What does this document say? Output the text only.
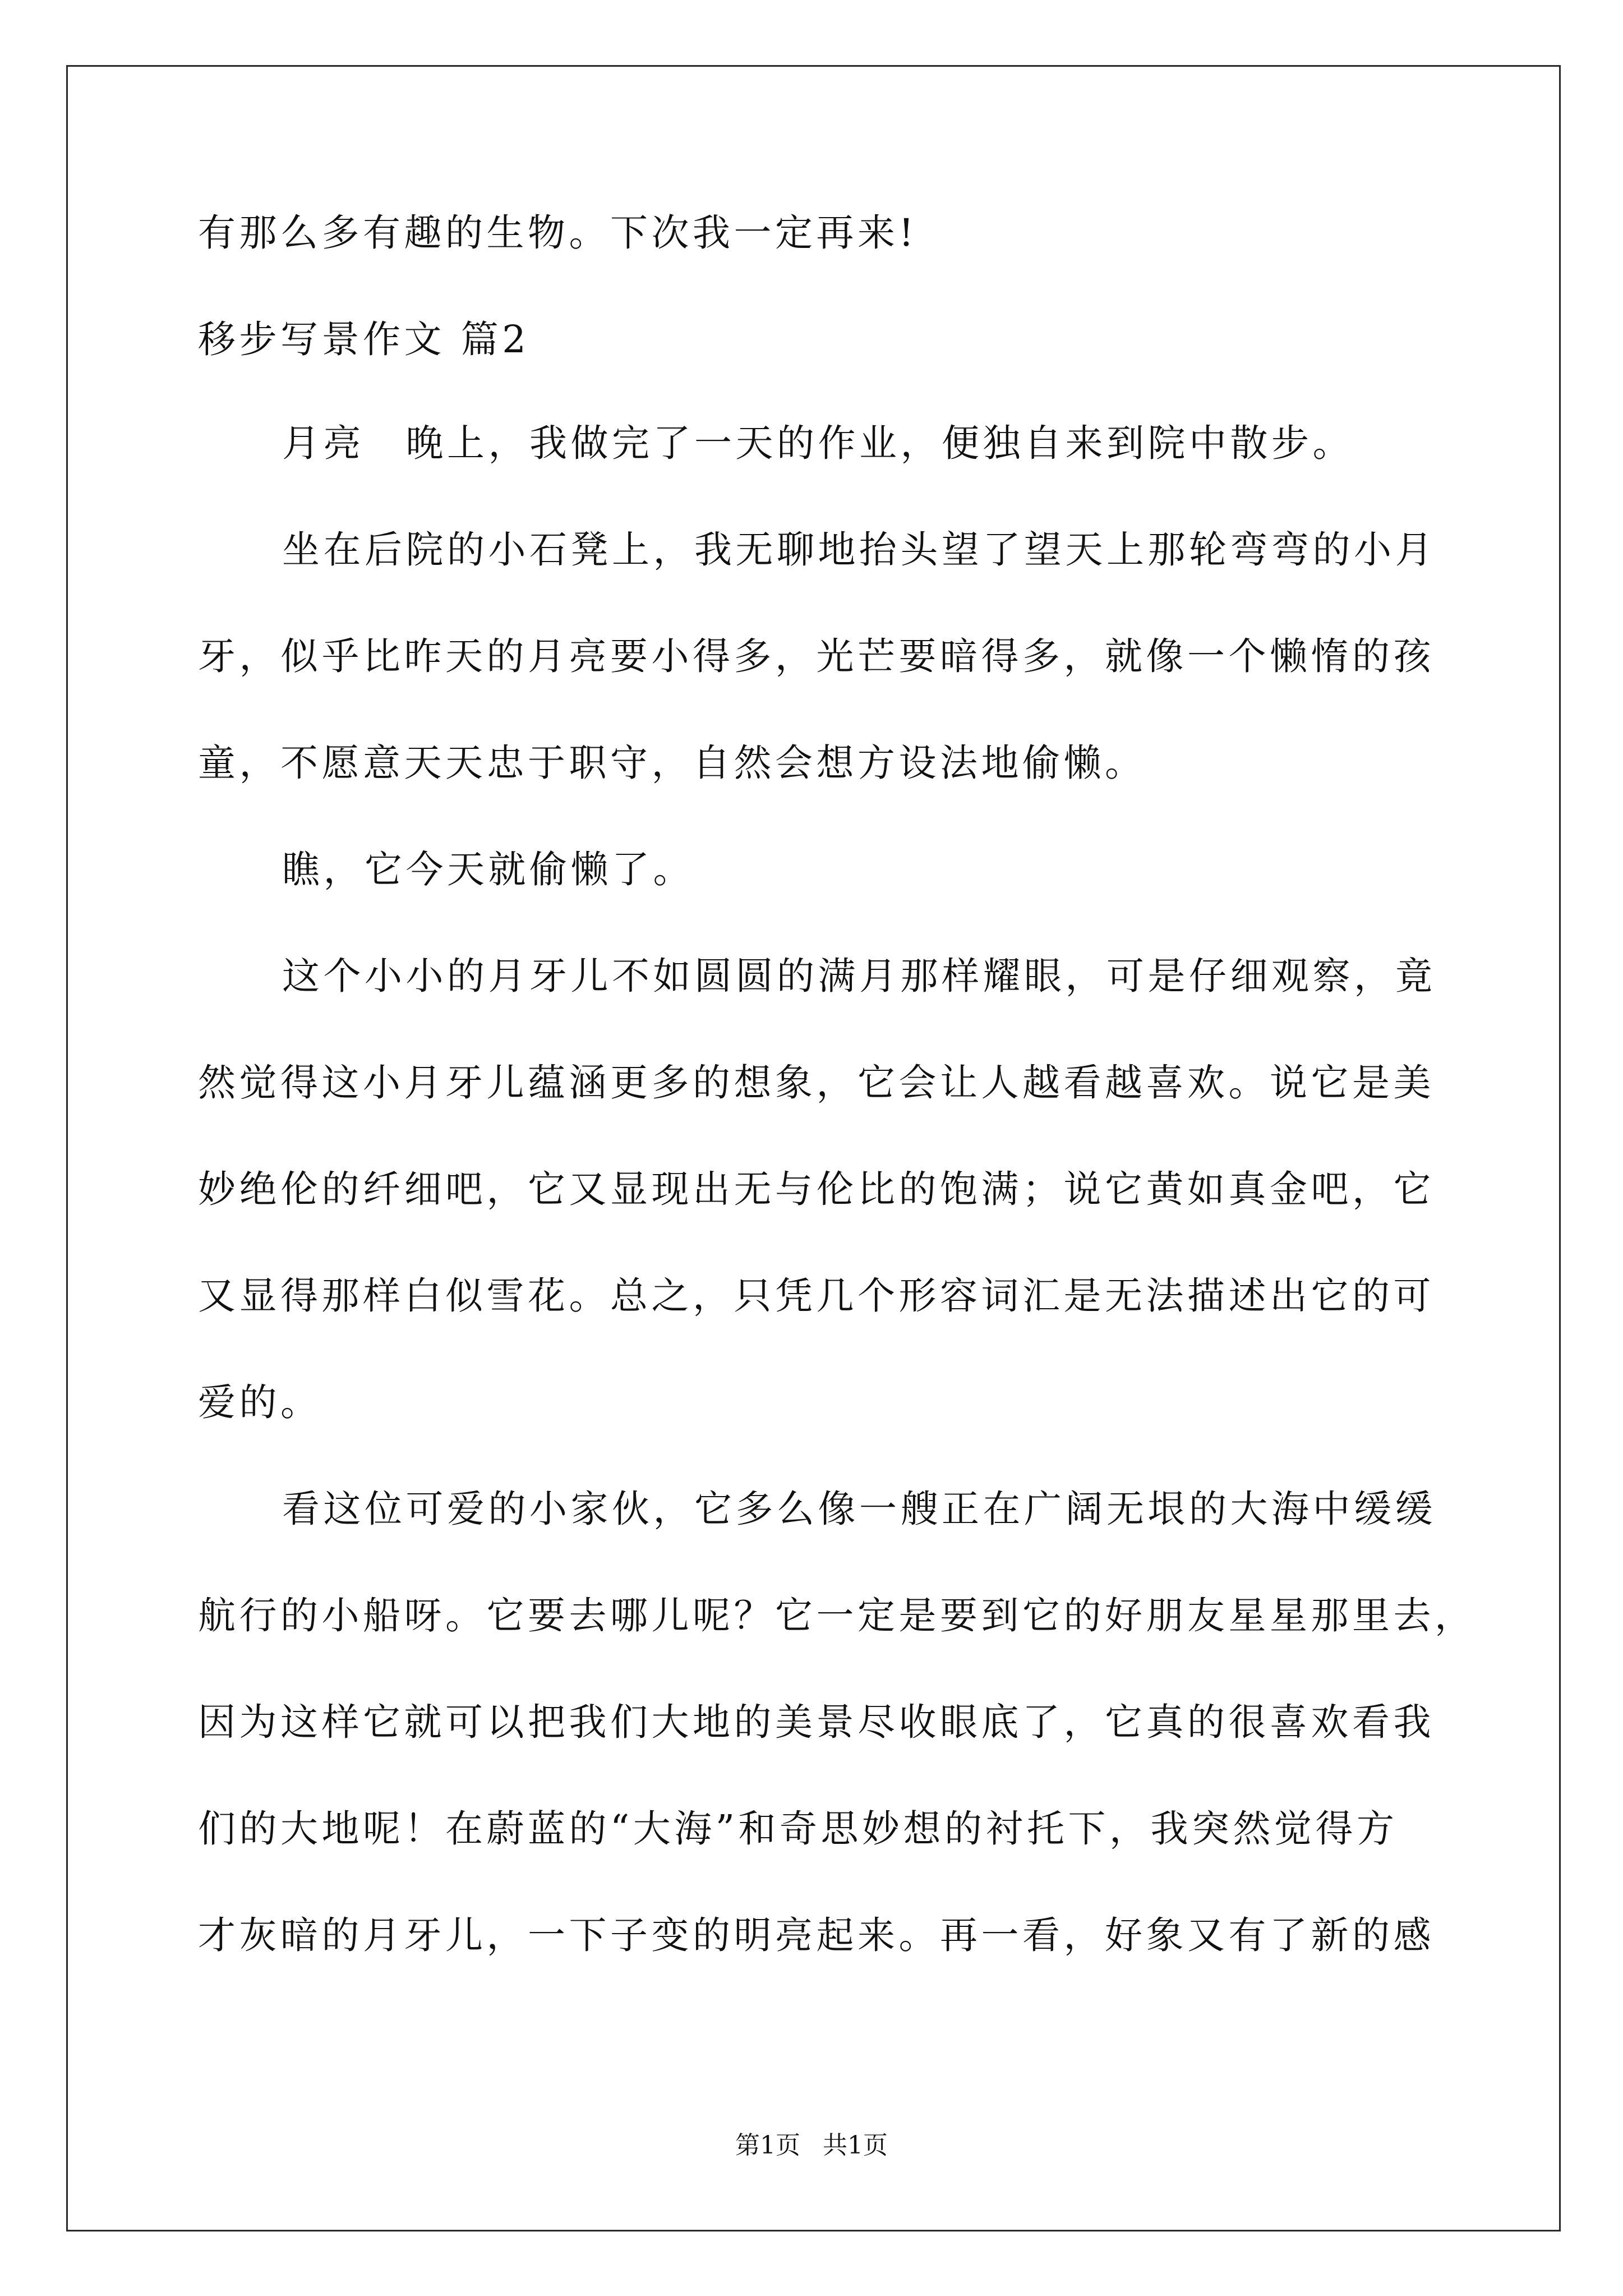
有那么多有趣的生物。下次我一定再来!
移步写景作文 篇2
月亮　晚上，我做完了一天的作业，便独自来到院中散步。
坐在后院的小石凳上，我无聊地抬头望了望天上那轮弯弯的小月
牙，似乎比昨天的月亮要小得多，光芒要暗得多，就像一个懒惰的孩
童，不愿意天天忠于职守，自然会想方设法地偷懒。
瞧，它今天就偷懒了。
这个小小的月牙儿不如圆圆的满月那样耀眼，可是仔细观察，竟
然觉得这小月牙儿蕴涵更多的想象，它会让人越看越喜欢。说它是美
妙绝伦的纤细吧，它又显现出无与伦比的饱满；说它黄如真金吧，它
又显得那样白似雪花。总之，只凭几个形容词汇是无法描述出它的可
爱的。
看这位可爱的小家伙，它多么像一艘正在广阔无垠的大海中缓缓
航行的小船呀。它要去哪儿呢？它一定是要到它的好朋友星星那里去，
因为这样它就可以把我们大地的美景尽收眼底了，它真的很喜欢看我
们的大地呢！在蔚蓝的“大海”和奇思妙想的衬托下，我突然觉得方
才灰暗的月牙儿，一下子变的明亮起来。再一看，好象又有了新的感
第1页 共1页
